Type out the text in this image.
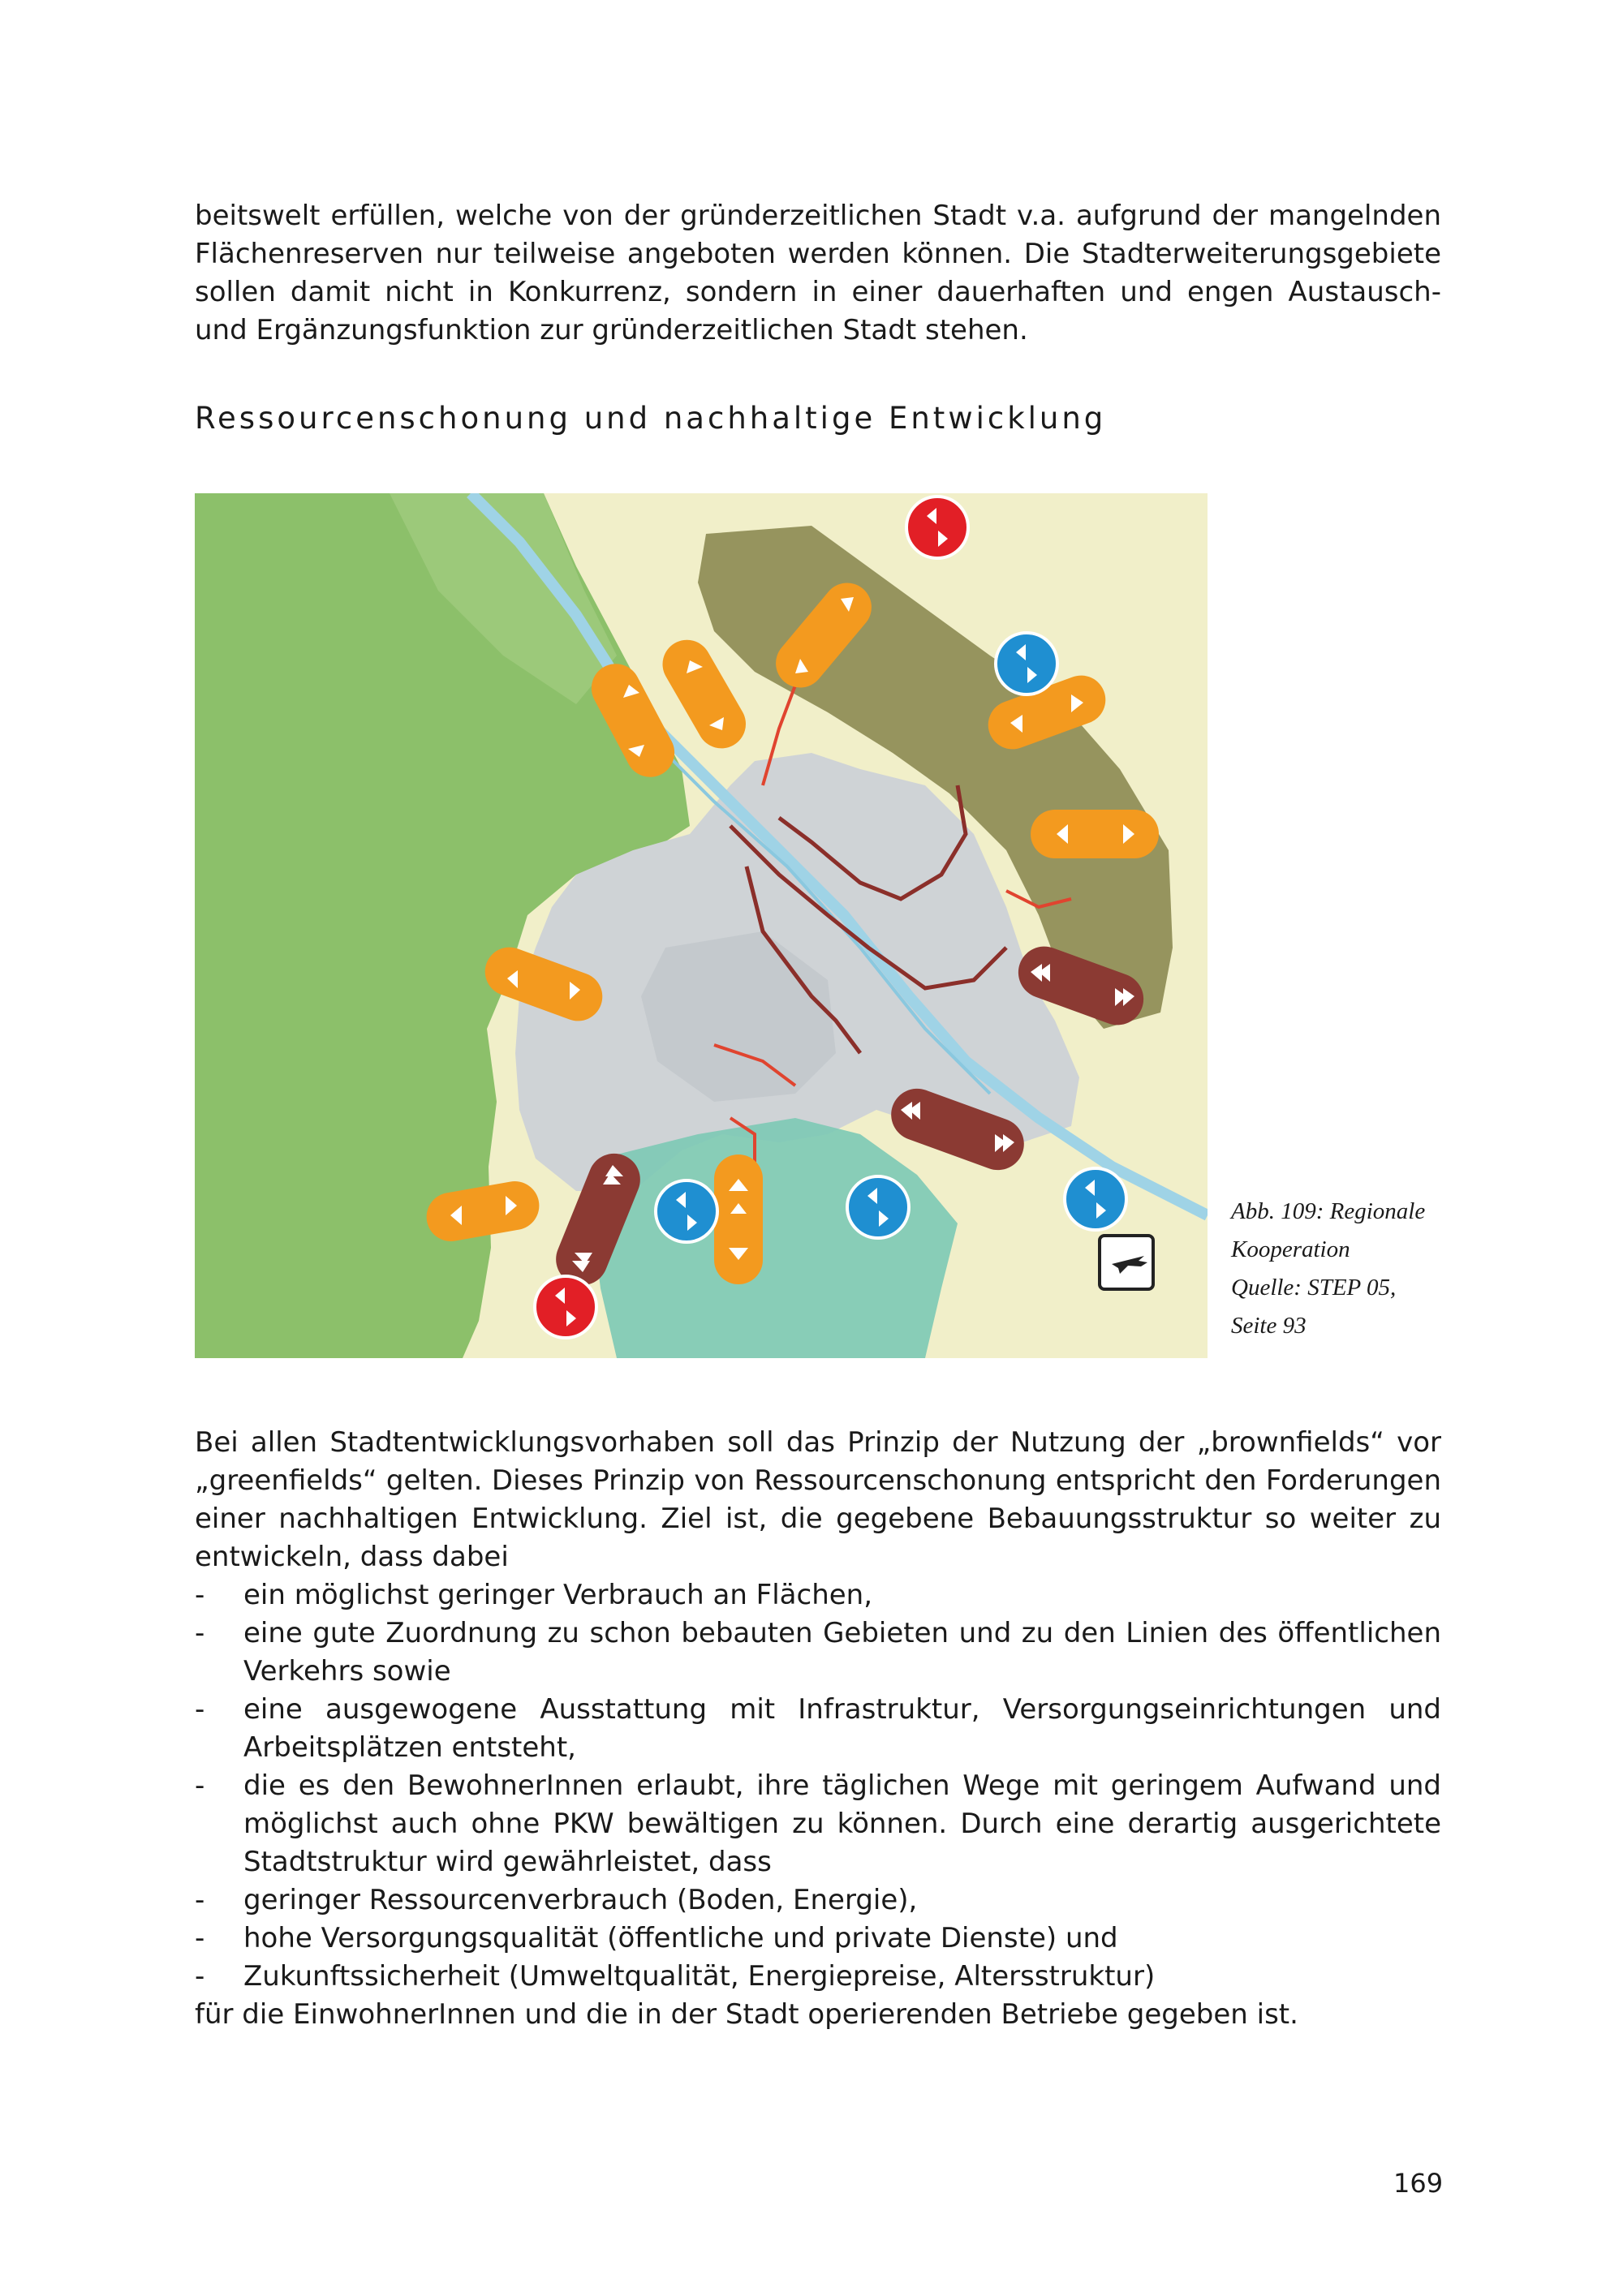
beitswelt erfüllen, welche von der gründerzeitlichen Stadt v.a. aufgrund der mangelnden
Flächenreserven nur teilweise angeboten werden können. Die Stadterweiterungsgebiete
sollen damit nicht in Konkurrenz, sondern in einer dauerhaften und engen Austausch-
und Ergänzungsfunktion zur gründerzeitlichen Stadt stehen.
Ressourcenschonung und nachhaltige Entwicklung
Abb. 109: Regionale
Kooperation
Quelle: STEP 05,
Seite 93
Bei allen Stadtentwicklungsvorhaben soll das Prinzip der Nutzung der „brownfields“ vor
„greenfields“ gelten. Dieses Prinzip von Ressourcenschonung entspricht den Forderungen
einer nachhaltigen Entwicklung. Ziel ist, die gegebene Bebauungsstruktur so weiter zu
entwickeln, dass dabei
- ein möglichst geringer Verbrauch an Flächen,
- eine gute Zuordnung zu schon bebauten Gebieten und zu den Linien des öffentlichen Verkehrs sowie
- eine ausgewogene Ausstattung mit Infrastruktur, Versorgungseinrichtungen und Arbeitsplätzen entsteht,
- die es den BewohnerInnen erlaubt, ihre täglichen Wege mit geringem Aufwand und möglichst auch ohne PKW bewältigen zu können. Durch eine derartig ausgerichtete Stadtstruktur wird gewährleistet, dass
- geringer Ressourcenverbrauch (Boden, Energie),
- hohe Versorgungsqualität (öffentliche und private Dienste) und
- Zukunftssicherheit (Umweltqualität, Energiepreise, Altersstruktur)
für die EinwohnerInnen und die in der Stadt operierenden Betriebe gegeben ist.
169
